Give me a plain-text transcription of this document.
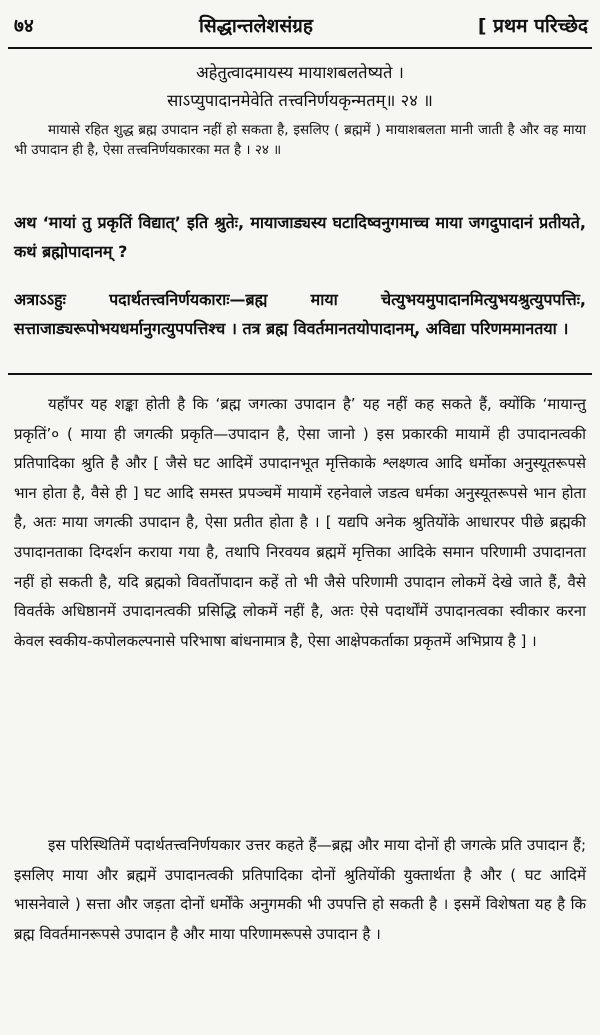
७४	सिद्धान्तलेशसंग्रह	[ प्रथम परिच्छेद
अहेतुत्वादमायस्य मायाशबलतेष्यते ।
साऽप्युपादानमेवेति तत्त्वनिर्णयकृन्मतम्॥ २४ ॥
मायासे रहित शुद्ध ब्रह्म उपादान नहीं हो सकता है, इसलिए ( ब्रह्ममें ) मायाशबलता मानी जाती है और वह माया भी उपादान ही है, ऐसा तत्त्वनिर्णयकारका मत है । २४ ॥
अथ ‘मायां तु प्रकृतिं विद्यात्’ इति श्रुतेः, मायाजाड्यस्य घटादिष्वनुगमाच्च माया जगदुपादानं प्रतीयते, कथं ब्रह्मोपादानम् ?
अत्राऽऽहुः पदार्थतत्त्वनिर्णयकाराः—ब्रह्म माया चेत्युभयमुपादानमित्युभयश्रुत्युपपत्तिः, सत्ताजाड्यरूपोभयधर्मानुगत्युपपत्तिश्च । तत्र ब्रह्म विवर्तमानतयोपादानम्, अविद्या परिणममानतया ।
यहाँपर यह शङ्का होती है कि ‘ब्रह्म जगत्का उपादान है’ यह नहीं कह सकते हैं, क्योंकि ‘मायान्तु प्रकृतिं’० ( माया ही जगत्की प्रकृति—उपादान है, ऐसा जानो ) इस प्रकारकी मायामें ही उपादानत्वकी प्रतिपादिका श्रुति है और [ जैसे घट आदिमें उपादानभूत मृत्तिकाके श्लक्ष्णत्व आदि धर्मोका अनुस्यूतरूपसे भान होता है, वैसे ही ] घट आदि समस्त प्रपञ्चमें मायामें रहनेवाले जडत्व धर्मका अनुस्यूतरूपसे भान होता है, अतः माया जगत्की उपादान है, ऐसा प्रतीत होता है । [ यद्यपि अनेक श्रुतियोंके आधारपर पीछे ब्रह्मकी उपादानताका दिग्दर्शन कराया गया है, तथापि निरवयव ब्रह्ममें मृत्तिका आदिके समान परिणामी उपादानता नहीं हो सकती है, यदि ब्रह्मको विवर्तोपादान कहें तो भी जैसे परिणामी उपादान लोकमें देखे जाते हैं, वैसे विवर्तके अधिष्ठानमें उपादानत्वकी प्रसिद्धि लोकमें नहीं है, अतः ऐसे पदार्थोंमें उपादानत्वका स्वीकार करना केवल स्वकीय-कपोलकल्पनासे परिभाषा बांधनामात्र है, ऐसा आक्षेपकर्ताका प्रकृतमें अभिप्राय है ] ।
इस परिस्थितिमें पदार्थतत्त्वनिर्णयकार उत्तर कहते हैं—ब्रह्म और माया दोनों ही जगत्के प्रति उपादान हैं; इसलिए माया और ब्रह्ममें उपादानत्वकी प्रतिपादिका दोनों श्रुतियोंकी युक्तार्थता है और ( घट आदिमें भासनेवाले ) सत्ता और जड़ता दोनों धर्मोंके अनुगमकी भी उपपत्ति हो सकती है । इसमें विशेषता यह है कि ब्रह्म विवर्तमानरूपसे उपादान है और माया परिणामरूपसे उपादान है ।
